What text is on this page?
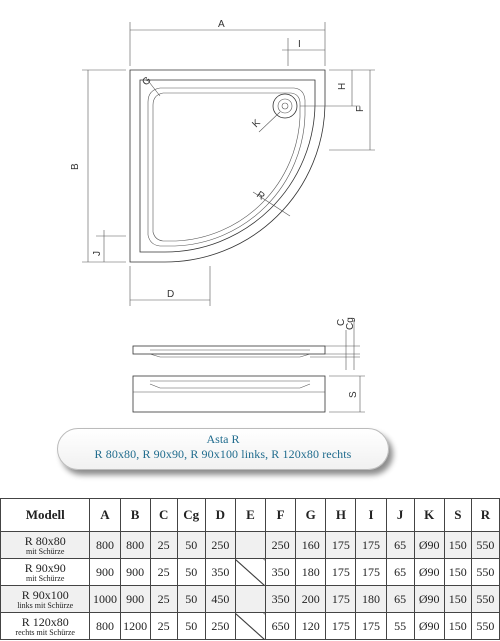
A
I
B
J
H
F
G
K
R
D
C
Cg
S
Asta R
R 80x80, R 90x90, R 90x100 links, R 120x80 rechts
Modell	A	B	C	Cg	D	E	F	G	H	I	J	K	S	R
R 80x80
mit Schürze	800	800	25	50	250		250	160	175	175	65	Ø90	150	550
R 90x90
mit Schürze	900	900	25	50	350		350	180	175	175	65	Ø90	150	550
R 90x100
links mit Schürze	1000	900	25	50	450		350	200	175	180	65	Ø90	150	550
R 120x80
rechts mit Schürze	800	1200	25	50	250		650	120	175	175	55	Ø90	150	550
